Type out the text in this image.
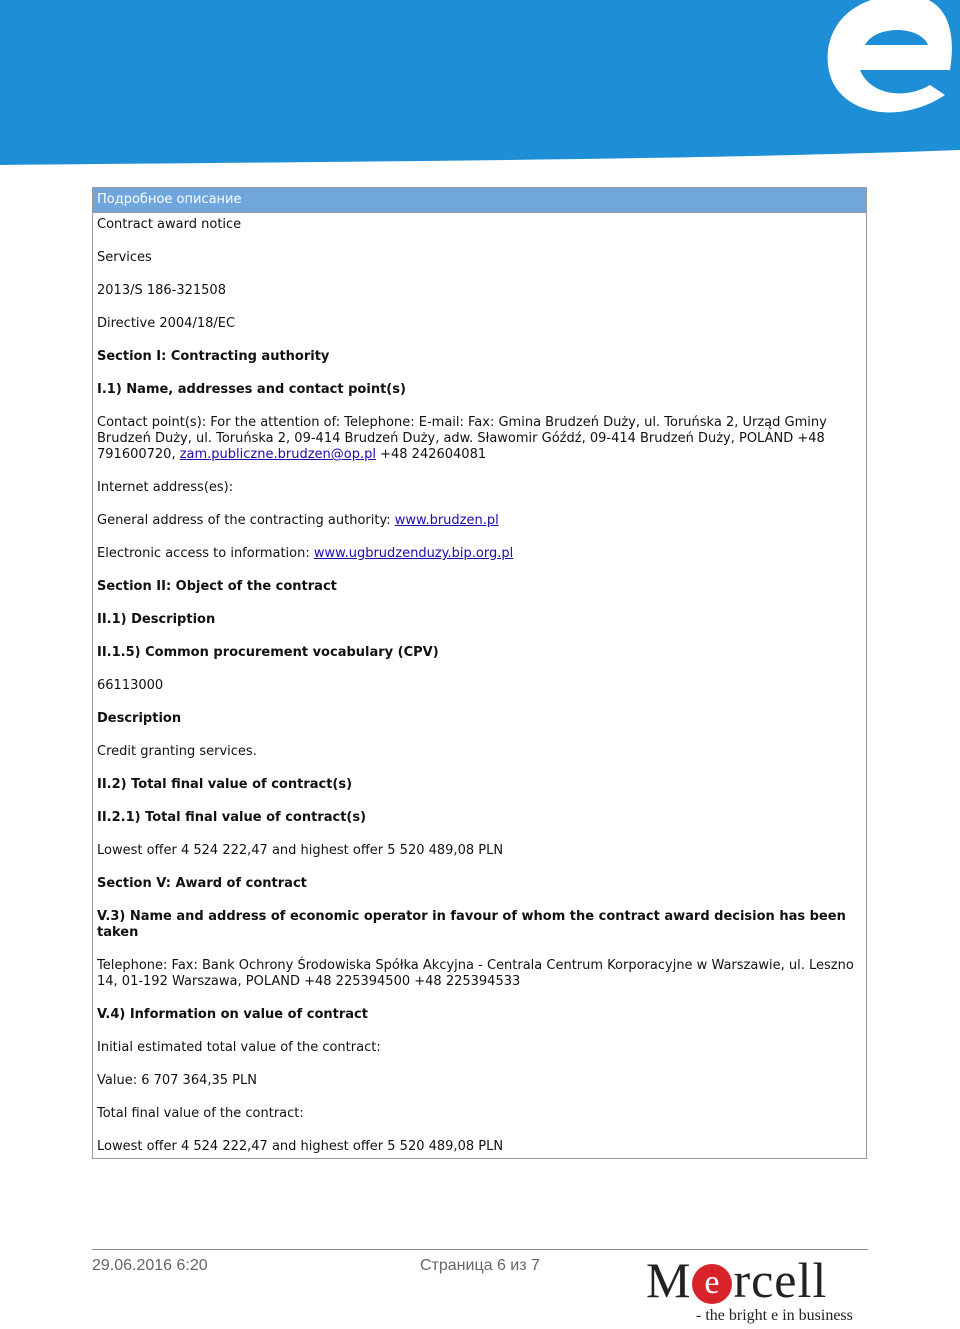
Подробное описание

Contract award notice

Services

2013/S 186-321508

Directive 2004/18/EC

Section I: Contracting authority

I.1) Name, addresses and contact point(s)

Contact point(s): For the attention of: Telephone: E-mail: Fax: Gmina Brudzeń Duży, ul. Toruńska 2, Urząd Gminy Brudzeń Duży, ul. Toruńska 2, 09-414 Brudzeń Duży, adw. Sławomir Góźdź, 09-414 Brudzeń Duży, POLAND +48 791600720, zam.publiczne.brudzen@op.pl +48 242604081

Internet address(es):

General address of the contracting authority: www.brudzen.pl

Electronic access to information: www.ugbrudzenduzy.bip.org.pl

Section II: Object of the contract

II.1) Description

II.1.5) Common procurement vocabulary (CPV)

66113000

Description

Credit granting services.

II.2) Total final value of contract(s)

II.2.1) Total final value of contract(s)

Lowest offer 4 524 222,47 and highest offer 5 520 489,08 PLN

Section V: Award of contract

V.3) Name and address of economic operator in favour of whom the contract award decision has been taken

Telephone: Fax: Bank Ochrony Środowiska Spółka Akcyjna - Centrala Centrum Korporacyjne w Warszawie, ul. Leszno 14, 01-192 Warszawa, POLAND +48 225394500 +48 225394533

V.4) Information on value of contract

Initial estimated total value of the contract:

Value: 6 707 364,35 PLN

Total final value of the contract:

Lowest offer 4 524 222,47 and highest offer 5 520 489,08 PLN

29.06.2016 6:20	Страница 6 из 7 M e rcell
- the bright e in business
